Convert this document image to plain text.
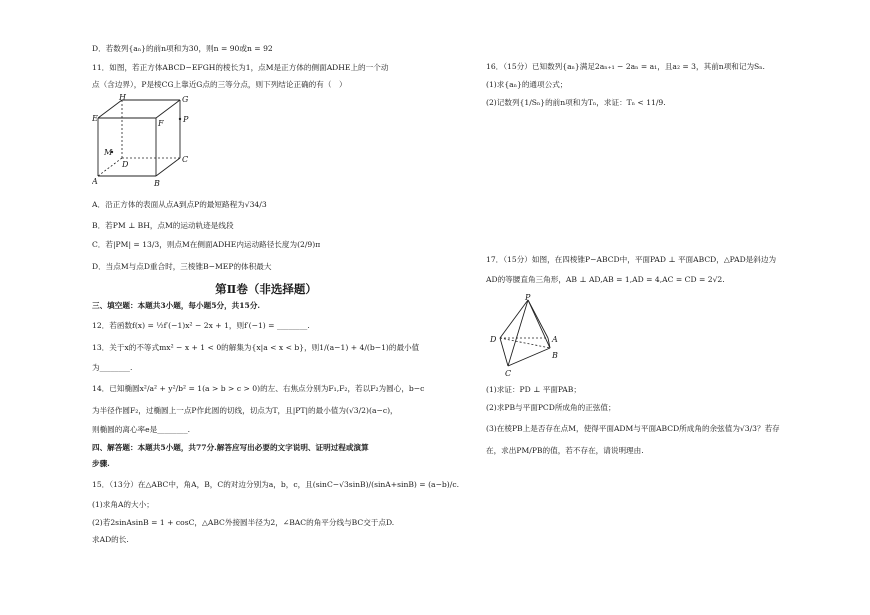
D．若数列{aₙ}的前n项和为30，则n = 90或n = 92
11．如图，若正方体ABCD−EFGH的棱长为1，点M是正方体的侧面ADHE上的一个动
点（含边界），P是棱CG上靠近G点的三等分点，则下列结论正确的有（　）
H	G
E
F P
M
D
C
A	B
A．沿正方体的表面从点A到点P的最短路程为√34/3
B．若PM ⊥ BH，点M的运动轨迹是线段
C．若|PM| = 13/3，则点M在侧面ADHE内运动路径长度为(2/9)π
D．当点M与点D重合时，三棱锥B−MEP的体积最大
第Ⅱ卷（非选择题）
三、填空题：本题共3小题，每小题5分，共15分.
12．若函数f(x) = ½f′(−1)x² − 2x + 1，则f′(−1) = ________.
13．关于x的不等式mx² − x + 1 < 0的解集为{x|a < x < b}，则1/(a−1) + 4/(b−1)的最小值
为________.
14．已知椭圆x²/a² + y²/b² = 1(a > b > c > 0)的左、右焦点分别为F₁,F₂，若以F₂为圆心，b−c
为半径作圆F₂，过椭圆上一点P作此圆的切线，切点为T，且|PT|的最小值为(√3/2)(a−c)，
则椭圆的离心率e是________.
四、解答题：本题共5小题，共77分.解答应写出必要的文字说明、证明过程或演算
步骤.
15．（13分）在△ABC中，角A，B，C的对边分别为a，b，c，且(sinC−√3sinB)/(sinA+sinB) = (a−b)/c.
(1)求角A的大小；
(2)若2sinAsinB = 1 + cosC，△ABC外接圆半径为2，∠BAC的角平分线与BC交于点D.
求AD的长.
16．（15分）已知数列{aₙ}满足2aₙ₊₁ − 2aₙ = a₁，且a₂ = 3，其前n项和记为Sₙ.
(1)求{aₙ}的通项公式；
(2)记数列{1/Sₙ}的前n项和为Tₙ，求证：Tₙ < 11/9.
17．（15分）如图，在四棱锥P−ABCD中，平面PAD ⊥ 平面ABCD，△PAD是斜边为
AD的等腰直角三角形，AB ⊥ AD,AB = 1,AD = 4,AC = CD = 2√2.
P
D	A
B
C
(1)求证：PD ⊥ 平面PAB；
(2)求PB与平面PCD所成角的正弦值；
(3)在棱PB上是否存在点M，使得平面ADM与平面ABCD所成角的余弦值为√3/3？若存
在，求出PM/PB的值，若不存在，请说明理由.
